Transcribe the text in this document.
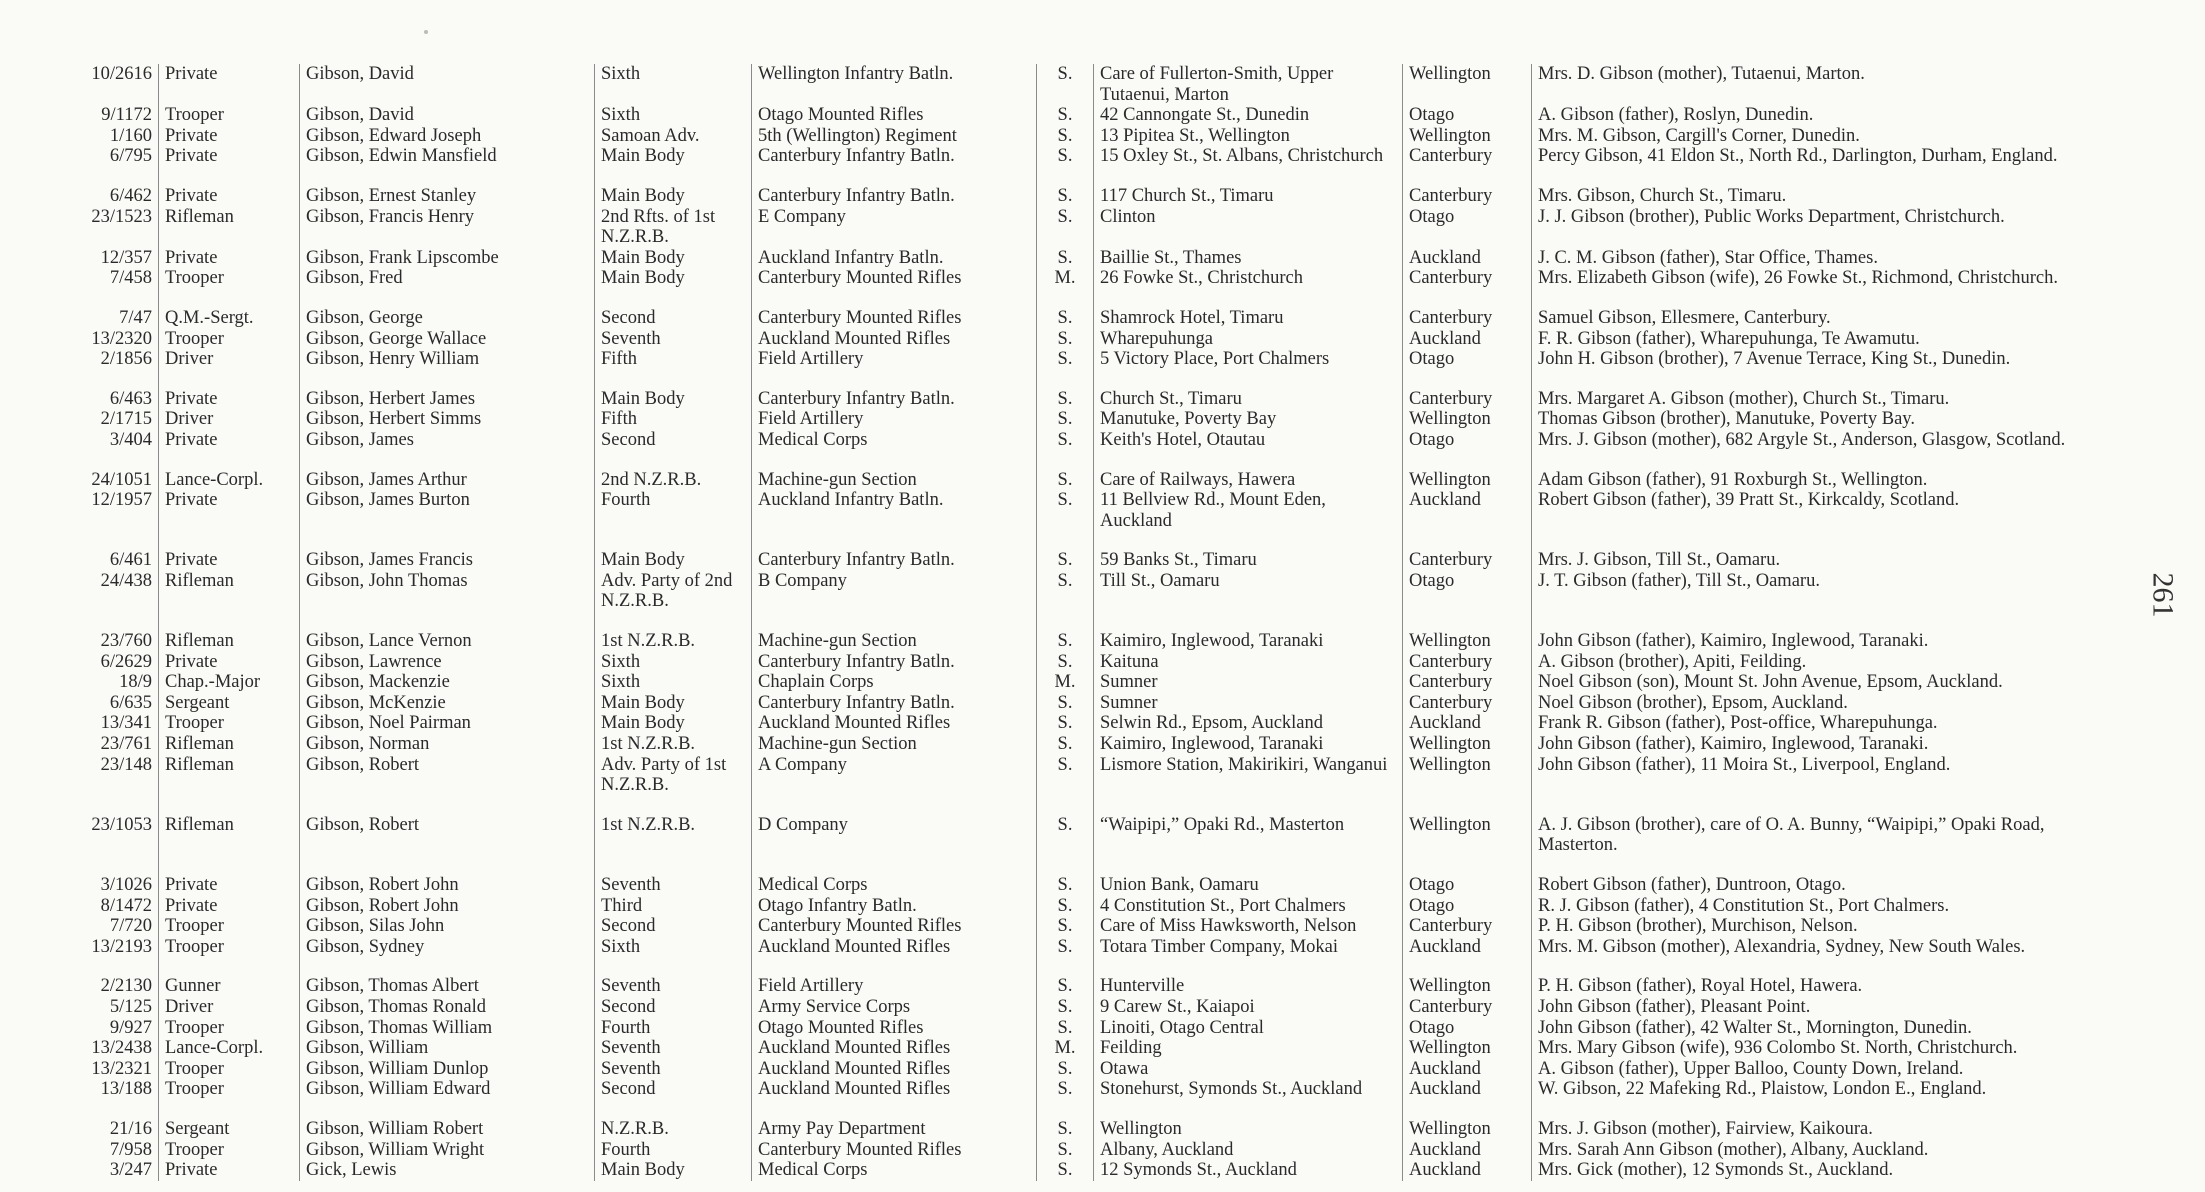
10/2616	Private	Gibson, David	Sixth	Wellington Infantry Batln.	S.	Care of Fullerton-Smith, Upper Tutaenui, Marton	Wellington	Mrs. D. Gibson (mother), Tutaenui, Marton.
9/1172	Trooper	Gibson, David	Sixth	Otago Mounted Rifles	S.	42 Cannongate St., Dunedin	Otago	A. Gibson (father), Roslyn, Dunedin.
1/160	Private	Gibson, Edward Joseph	Samoan Adv.	5th (Wellington) Regiment	S.	13 Pipitea St., Wellington	Wellington	Mrs. M. Gibson, Cargill's Corner, Dunedin.
6/795	Private	Gibson, Edwin Mansfield	Main Body	Canterbury Infantry Batln.	S.	15 Oxley St., St. Albans, Christchurch	Canterbury	Percy Gibson, 41 Eldon St., North Rd., Darlington, Durham, England.
6/462	Private	Gibson, Ernest Stanley	Main Body	Canterbury Infantry Batln.	S.	117 Church St., Timaru	Canterbury	Mrs. Gibson, Church St., Timaru.
23/1523	Rifleman	Gibson, Francis Henry	2nd Rfts. of 1st N.Z.R.B.	E Company	S.	Clinton	Otago	J. J. Gibson (brother), Public Works Department, Christchurch.
12/357	Private	Gibson, Frank Lipscombe	Main Body	Auckland Infantry Batln.	S.	Baillie St., Thames	Auckland	J. C. M. Gibson (father), Star Office, Thames.
7/458	Trooper	Gibson, Fred	Main Body	Canterbury Mounted Rifles	M.	26 Fowke St., Christchurch	Canterbury	Mrs. Elizabeth Gibson (wife), 26 Fowke St., Richmond, Christchurch.
7/47	Q.M.-Sergt.	Gibson, George	Second	Canterbury Mounted Rifles	S.	Shamrock Hotel, Timaru	Canterbury	Samuel Gibson, Ellesmere, Canterbury.
13/2320	Trooper	Gibson, George Wallace	Seventh	Auckland Mounted Rifles	S.	Wharepuhunga	Auckland	F. R. Gibson (father), Wharepuhunga, Te Awamutu.
2/1856	Driver	Gibson, Henry William	Fifth	Field Artillery	S.	5 Victory Place, Port Chalmers	Otago	John H. Gibson (brother), 7 Avenue Terrace, King St., Dunedin.
6/463	Private	Gibson, Herbert James	Main Body	Canterbury Infantry Batln.	S.	Church St., Timaru	Canterbury	Mrs. Margaret A. Gibson (mother), Church St., Timaru.
2/1715	Driver	Gibson, Herbert Simms	Fifth	Field Artillery	S.	Manutuke, Poverty Bay	Wellington	Thomas Gibson (brother), Manutuke, Poverty Bay.
3/404	Private	Gibson, James	Second	Medical Corps	S.	Keith's Hotel, Otautau	Otago	Mrs. J. Gibson (mother), 682 Argyle St., Anderson, Glasgow, Scotland.
24/1051	Lance-Corpl.	Gibson, James Arthur	2nd N.Z.R.B.	Machine-gun Section	S.	Care of Railways, Hawera	Wellington	Adam Gibson (father), 91 Roxburgh St., Wellington.
12/1957	Private	Gibson, James Burton	Fourth	Auckland Infantry Batln.	S.	11 Bellview Rd., Mount Eden, Auckland	Auckland	Robert Gibson (father), 39 Pratt St., Kirkcaldy, Scotland.
6/461	Private	Gibson, James Francis	Main Body	Canterbury Infantry Batln.	S.	59 Banks St., Timaru	Canterbury	Mrs. J. Gibson, Till St., Oamaru.
24/438	Rifleman	Gibson, John Thomas	Adv. Party of 2nd N.Z.R.B.	B Company	S.	Till St., Oamaru	Otago	J. T. Gibson (father), Till St., Oamaru.
23/760	Rifleman	Gibson, Lance Vernon	1st N.Z.R.B.	Machine-gun Section	S.	Kaimiro, Inglewood, Taranaki	Wellington	John Gibson (father), Kaimiro, Inglewood, Taranaki.
6/2629	Private	Gibson, Lawrence	Sixth	Canterbury Infantry Batln.	S.	Kaituna	Canterbury	A. Gibson (brother), Apiti, Feilding.
18/9	Chap.-Major	Gibson, Mackenzie	Sixth	Chaplain Corps	M.	Sumner	Canterbury	Noel Gibson (son), Mount St. John Avenue, Epsom, Auckland.
6/635	Sergeant	Gibson, McKenzie	Main Body	Canterbury Infantry Batln.	S.	Sumner	Canterbury	Noel Gibson (brother), Epsom, Auckland.
13/341	Trooper	Gibson, Noel Pairman	Main Body	Auckland Mounted Rifles	S.	Selwin Rd., Epsom, Auckland	Auckland	Frank R. Gibson (father), Post-office, Wharepuhunga.
23/761	Rifleman	Gibson, Norman	1st N.Z.R.B.	Machine-gun Section	S.	Kaimiro, Inglewood, Taranaki	Wellington	John Gibson (father), Kaimiro, Inglewood, Taranaki.
23/148	Rifleman	Gibson, Robert	Adv. Party of 1st N.Z.R.B.	A Company	S.	Lismore Station, Makirikiri, Wanganui	Wellington	John Gibson (father), 11 Moira St., Liverpool, England.
23/1053	Rifleman	Gibson, Robert	1st N.Z.R.B.	D Company	S.	“Waipipi,” Opaki Rd., Masterton	Wellington	A. J. Gibson (brother), care of O. A. Bunny, “Waipipi,” Opaki Road, Masterton.
3/1026	Private	Gibson, Robert John	Seventh	Medical Corps	S.	Union Bank, Oamaru	Otago	Robert Gibson (father), Duntroon, Otago.
8/1472	Private	Gibson, Robert John	Third	Otago Infantry Batln.	S.	4 Constitution St., Port Chalmers	Otago	R. J. Gibson (father), 4 Constitution St., Port Chalmers.
7/720	Trooper	Gibson, Silas John	Second	Canterbury Mounted Rifles	S.	Care of Miss Hawksworth, Nelson	Canterbury	P. H. Gibson (brother), Murchison, Nelson.
13/2193	Trooper	Gibson, Sydney	Sixth	Auckland Mounted Rifles	S.	Totara Timber Company, Mokai	Auckland	Mrs. M. Gibson (mother), Alexandria, Sydney, New South Wales.
2/2130	Gunner	Gibson, Thomas Albert	Seventh	Field Artillery	S.	Hunterville	Wellington	P. H. Gibson (father), Royal Hotel, Hawera.
5/125	Driver	Gibson, Thomas Ronald	Second	Army Service Corps	S.	9 Carew St., Kaiapoi	Canterbury	John Gibson (father), Pleasant Point.
9/927	Trooper	Gibson, Thomas William	Fourth	Otago Mounted Rifles	S.	Linoiti, Otago Central	Otago	John Gibson (father), 42 Walter St., Mornington, Dunedin.
13/2438	Lance-Corpl.	Gibson, William	Seventh	Auckland Mounted Rifles	M.	Feilding	Wellington	Mrs. Mary Gibson (wife), 936 Colombo St. North, Christchurch.
13/2321	Trooper	Gibson, William Dunlop	Seventh	Auckland Mounted Rifles	S.	Otawa	Auckland	A. Gibson (father), Upper Balloo, County Down, Ireland.
13/188	Trooper	Gibson, William Edward	Second	Auckland Mounted Rifles	S.	Stonehurst, Symonds St., Auckland	Auckland	W. Gibson, 22 Mafeking Rd., Plaistow, London E., England.
21/16	Sergeant	Gibson, William Robert	N.Z.R.B.	Army Pay Department	S.	Wellington	Wellington	Mrs. J. Gibson (mother), Fairview, Kaikoura.
7/958	Trooper	Gibson, William Wright	Fourth	Canterbury Mounted Rifles	S.	Albany, Auckland	Auckland	Mrs. Sarah Ann Gibson (mother), Albany, Auckland.
3/247	Private	Gick, Lewis	Main Body	Medical Corps	S.	12 Symonds St., Auckland	Auckland	Mrs. Gick (mother), 12 Symonds St., Auckland.
261
